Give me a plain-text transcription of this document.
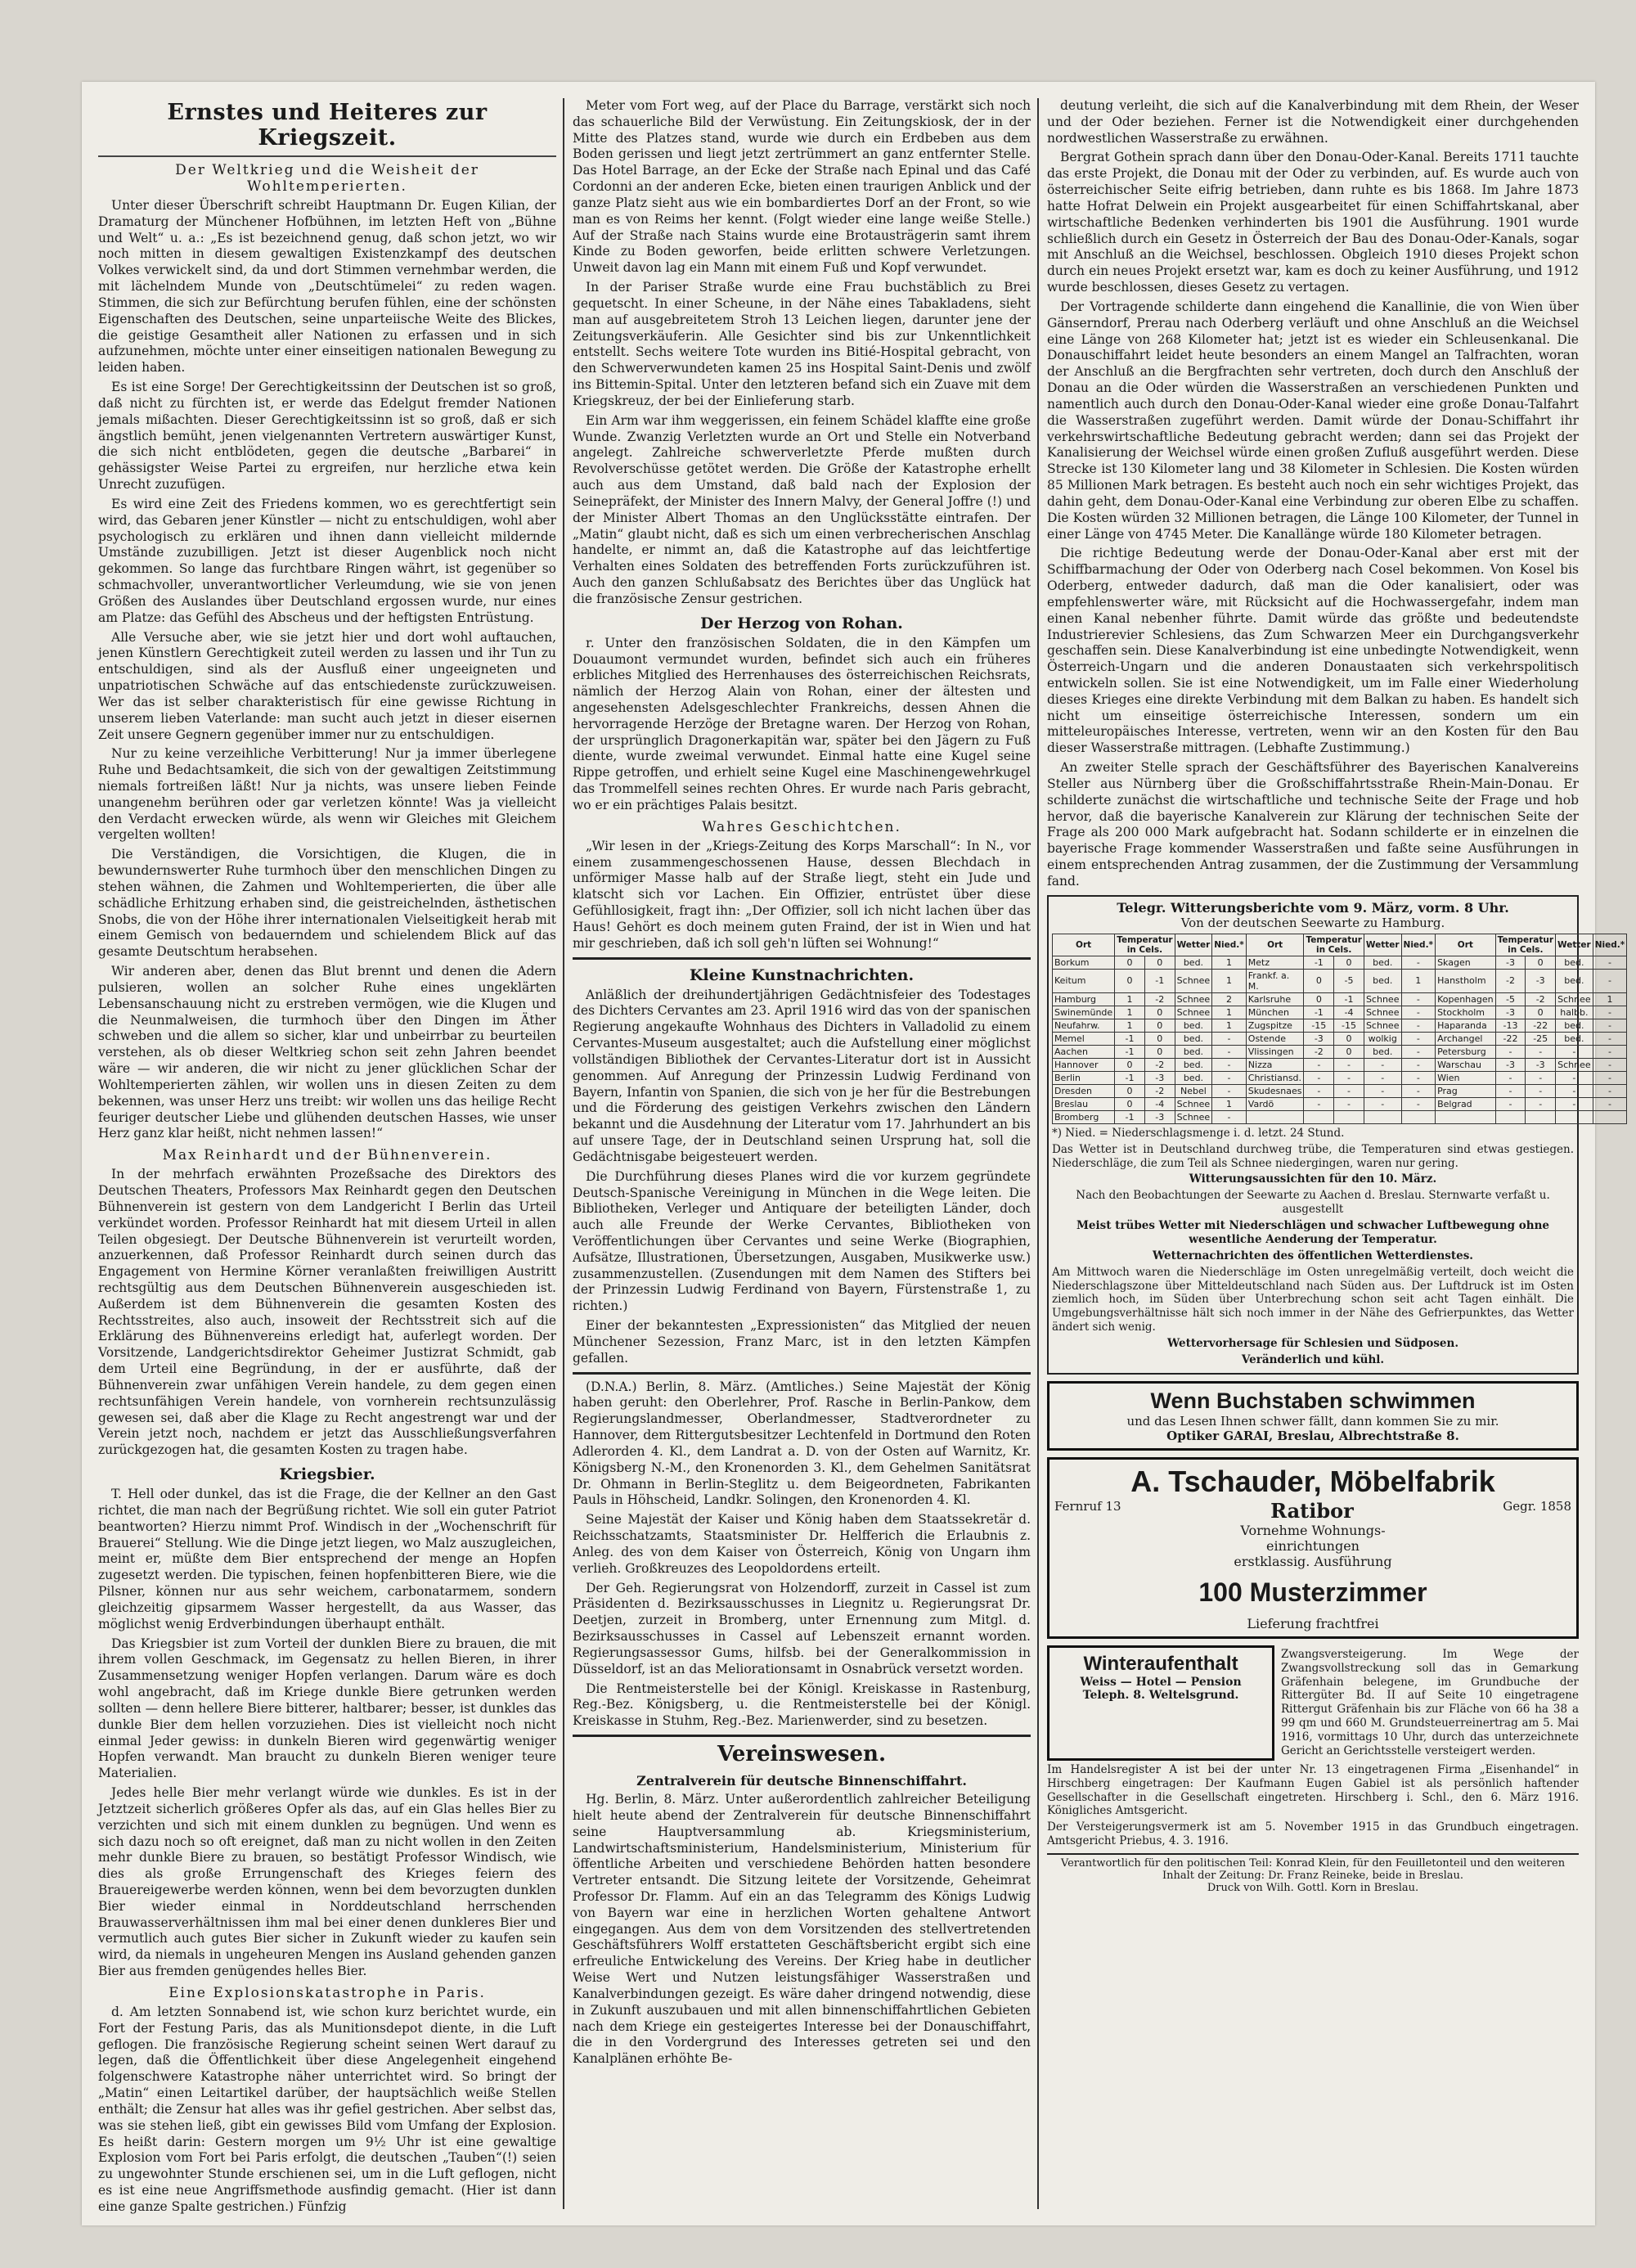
Ernstes und Heiteres zur Kriegszeit.
Der Weltkrieg und die Weisheit der Wohltemperierten.

Unter dieser Überschrift schreibt Hauptmann Dr. Eugen Kilian, der Dramaturg der Münchener Hofbühnen, im letzten Heft von „Bühne und Welt“ u. a.: „Es ist bezeichnend genug, daß schon jetzt, wo wir noch mitten in diesem gewaltigen Existenzkampf des deutschen Volkes verwickelt sind, da und dort Stimmen vernehmbar werden, die mit lächelndem Munde von „Deutschtümelei“ zu reden wagen. Stimmen, die sich zur Befürchtung berufen fühlen, eine der schönsten Eigenschaften des Deutschen, seine unparteiische Weite des Blickes, die geistige Gesamtheit aller Nationen zu erfassen und in sich aufzunehmen, möchte unter einer einseitigen nationalen Bewegung zu leiden haben.

Es ist eine Sorge! Der Gerechtigkeitssinn der Deutschen ist so groß, daß nicht zu fürchten ist, er werde das Edelgut fremder Nationen jemals mißachten. Dieser Gerechtigkeitssinn ist so groß, daß er sich ängstlich bemüht, jenen vielgenannten Vertretern auswärtiger Kunst, die sich nicht entblödeten, gegen die deutsche „Barbarei“ in gehässigster Weise Partei zu ergreifen, nur herzliche etwa kein Unrecht zuzufügen.

Es wird eine Zeit des Friedens kommen, wo es gerechtfertigt sein wird, das Gebaren jener Künstler — nicht zu entschuldigen, wohl aber psychologisch zu erklären und ihnen dann vielleicht mildernde Umstände zuzubilligen. Jetzt ist dieser Augenblick noch nicht gekommen. So lange das furchtbare Ringen währt, ist gegenüber so schmachvoller, unverantwortlicher Verleumdung, wie sie von jenen Größen des Auslandes über Deutschland ergossen wurde, nur eines am Platze: das Gefühl des Abscheus und der heftigsten Entrüstung.

Alle Versuche aber, wie sie jetzt hier und dort wohl auftauchen, jenen Künstlern Gerechtigkeit zuteil werden zu lassen und ihr Tun zu entschuldigen, sind als der Ausfluß einer ungeeigneten und unpatriotischen Schwäche auf das entschiedenste zurückzuweisen. Wer das ist selber charakteristisch für eine gewisse Richtung in unserem lieben Vaterlande: man sucht auch jetzt in dieser eisernen Zeit unsere Gegnern gegenüber immer nur zu entschuldigen.

Nur zu keine verzeihliche Verbitterung! Nur ja immer überlegene Ruhe und Bedachtsamkeit, die sich von der gewaltigen Zeitstimmung niemals fortreißen läßt! Nur ja nichts, was unsere lieben Feinde unangenehm berühren oder gar verletzen könnte! Was ja vielleicht den Verdacht erwecken würde, als wenn wir Gleiches mit Gleichem vergelten wollten!

Die Verständigen, die Vorsichtigen, die Klugen, die in bewundernswerter Ruhe turmhoch über den menschlichen Dingen zu stehen wähnen, die Zahmen und Wohltemperierten, die über alle schädliche Erhitzung erhaben sind, die geistreichelnden, ästhetischen Snobs, die von der Höhe ihrer internationalen Vielseitigkeit herab mit einem Gemisch von bedauerndem und schielendem Blick auf das gesamte Deutschtum herabsehen.

Wir anderen aber, denen das Blut brennt und denen die Adern pulsieren, wollen an solcher Ruhe eines ungeklärten Lebensanschauung nicht zu erstreben vermögen, wie die Klugen und die Neunmalweisen, die turmhoch über den Dingen im Äther schweben und die allem so sicher, klar und unbeirrbar zu beurteilen verstehen, als ob dieser Weltkrieg schon seit zehn Jahren beendet wäre — wir anderen, die wir nicht zu jener glücklichen Schar der Wohltemperierten zählen, wir wollen uns in diesen Zeiten zu dem bekennen, was unser Herz uns treibt: wir wollen uns das heilige Recht feuriger deutscher Liebe und glühenden deutschen Hasses, wie unser Herz ganz klar heißt, nicht nehmen lassen!“

Max Reinhardt und der Bühnenverein.

In der mehrfach erwähnten Prozeßsache des Direktors des Deutschen Theaters, Professors Max Reinhardt gegen den Deutschen Bühnenverein ist gestern von dem Landgericht I Berlin das Urteil verkündet worden. Professor Reinhardt hat mit diesem Urteil in allen Teilen obgesiegt. Der Deutsche Bühnenverein ist verurteilt worden, anzuerkennen, daß Professor Reinhardt durch seinen durch das Engagement von Hermine Körner veranlaßten freiwilligen Austritt rechtsgültig aus dem Deutschen Bühnenverein ausgeschieden ist. Außerdem ist dem Bühnenverein die gesamten Kosten des Rechtsstreites, also auch, insoweit der Rechtsstreit sich auf die Erklärung des Bühnenvereins erledigt hat, auferlegt worden. Der Vorsitzende, Landgerichtsdirektor Geheimer Justizrat Schmidt, gab dem Urteil eine Begründung, in der er ausführte, daß der Bühnenverein zwar unfähigen Verein handele, zu dem gegen einen rechtsunfähigen Verein handele, von vornherein rechtsunzulässig gewesen sei, daß aber die Klage zu Recht angestrengt war und der Verein jetzt noch, nachdem er jetzt das Ausschließungsverfahren zurückgezogen hat, die gesamten Kosten zu tragen habe.

Kriegsbier.

T. Hell oder dunkel, das ist die Frage, die der Kellner an den Gast richtet, die man nach der Begrüßung richtet. Wie soll ein guter Patriot beantworten? Hierzu nimmt Prof. Windisch in der „Wochenschrift für Brauerei“ Stellung. Wie die Dinge jetzt liegen, wo Malz auszugleichen, meint er, müßte dem Bier entsprechend der menge an Hopfen zugesetzt werden. Die typischen, feinen hopfenbitteren Biere, wie die Pilsner, können nur aus sehr weichem, carbonatarmem, sondern gleichzeitig gipsarmem Wasser hergestellt, da aus Wasser, das möglichst wenig Erdverbindungen überhaupt enthält.

Das Kriegsbier ist zum Vorteil der dunklen Biere zu brauen, die mit ihrem vollen Geschmack, im Gegensatz zu hellen Bieren, in ihrer Zusammensetzung weniger Hopfen verlangen. Darum wäre es doch wohl angebracht, daß im Kriege dunkle Biere getrunken werden sollten — denn hellere Biere bitterer, haltbarer; besser, ist dunkles das dunkle Bier dem hellen vorzuziehen. Dies ist vielleicht noch nicht einmal Jeder gewiss: in dunkeln Bieren wird gegenwärtig weniger Hopfen verwandt. Man braucht zu dunkeln Bieren weniger teure Materialien.

Jedes helle Bier mehr verlangt würde wie dunkles. Es ist in der Jetztzeit sicherlich größeres Opfer als das, auf ein Glas helles Bier zu verzichten und sich mit einem dunklen zu begnügen. Und wenn es sich dazu noch so oft ereignet, daß man zu nicht wollen in den Zeiten mehr dunkle Biere zu brauen, so bestätigt Professor Windisch, wie dies als große Errungenschaft des Krieges feiern des Brauereigewerbe werden können, wenn bei dem bevorzugten dunklen Bier wieder einmal in Norddeutschland herrschenden Brauwasserverhältnissen ihm mal bei einer denen dunkleres Bier und vermutlich auch gutes Bier sicher in Zukunft wieder zu kaufen sein wird, da niemals in ungeheuren Mengen ins Ausland gehenden ganzen Bier aus fremden genügendes helles Bier.

Eine Explosionskatastrophe in Paris.

d. Am letzten Sonnabend ist, wie schon kurz berichtet wurde, ein Fort der Festung Paris, das als Munitionsdepot diente, in die Luft geflogen. Die französische Regierung scheint seinen Wert darauf zu legen, daß die Öffentlichkeit über diese Angelegenheit eingehend folgenschwere Katastrophe näher unterrichtet wird. So bringt der „Matin“ einen Leitartikel darüber, der hauptsächlich weiße Stellen enthält; die Zensur hat alles was ihr gefiel gestrichen. Aber selbst das, was sie stehen ließ, gibt ein gewisses Bild vom Umfang der Explosion. Es heißt darin: Gestern morgen um 9½ Uhr ist eine gewaltige Explosion vom Fort bei Paris erfolgt, die deutschen „Tauben“(!) seien zu ungewohnter Stunde erschienen sei, um in die Luft geflogen, nicht es ist eine neue Angriffsmethode ausfindig gemacht. (Hier ist dann eine ganze Spalte gestrichen.) Fünfzig

Meter vom Fort weg, auf der Place du Barrage, verstärkt sich noch das schauerliche Bild der Verwüstung. Ein Zeitungskiosk, der in der Mitte des Platzes stand, wurde wie durch ein Erdbeben aus dem Boden gerissen und liegt jetzt zertrümmert an ganz entfernter Stelle. Das Hotel Barrage, an der Ecke der Straße nach Epinal und das Café Cordonni an der anderen Ecke, bieten einen traurigen Anblick und der ganze Platz sieht aus wie ein bombardiertes Dorf an der Front, so wie man es von Reims her kennt. (Folgt wieder eine lange weiße Stelle.) Auf der Straße nach Stains wurde eine Brotausträgerin samt ihrem Kinde zu Boden geworfen, beide erlitten schwere Verletzungen. Unweit davon lag ein Mann mit einem Fuß und Kopf verwundet.

In der Pariser Straße wurde eine Frau buchstäblich zu Brei gequetscht. In einer Scheune, in der Nähe eines Tabakladens, sieht man auf ausgebreitetem Stroh 13 Leichen liegen, darunter jene der Zeitungsverkäuferin. Alle Gesichter sind bis zur Unkenntlichkeit entstellt. Sechs weitere Tote wurden ins Bitié-Hospital gebracht, von den Schwerverwundeten kamen 25 ins Hospital Saint-Denis und zwölf ins Bittemin-Spital. Unter den letzteren befand sich ein Zuave mit dem Kriegskreuz, der bei der Einlieferung starb.

Ein Arm war ihm weggerissen, ein feinem Schädel klaffte eine große Wunde. Zwanzig Verletzten wurde an Ort und Stelle ein Notverband angelegt. Zahlreiche schwerverletzte Pferde mußten durch Revolverschüsse getötet werden. Die Größe der Katastrophe erhellt auch aus dem Umstand, daß bald nach der Explosion der Seinepräfekt, der Minister des Innern Malvy, der General Joffre (!) und der Minister Albert Thomas an den Unglücksstätte eintrafen. Der „Matin“ glaubt nicht, daß es sich um einen verbrecherischen Anschlag handelte, er nimmt an, daß die Katastrophe auf das leichtfertige Verhalten eines Soldaten des betreffenden Forts zurückzuführen ist. Auch den ganzen Schlußabsatz des Berichtes über das Unglück hat die französische Zensur gestrichen.

Der Herzog von Rohan.

r. Unter den französischen Soldaten, die in den Kämpfen um Douaumont vermundet wurden, befindet sich auch ein früheres erbliches Mitglied des Herrenhauses des österreichischen Reichsrats, nämlich der Herzog Alain von Rohan, einer der ältesten und angesehensten Adelsgeschlechter Frankreichs, dessen Ahnen die hervorragende Herzöge der Bretagne waren. Der Herzog von Rohan, der ursprünglich Dragonerkapitän war, später bei den Jägern zu Fuß diente, wurde zweimal verwundet. Einmal hatte eine Kugel seine Rippe getroffen, und erhielt seine Kugel eine Maschinengewehrkugel das Trommelfell seines rechten Ohres. Er wurde nach Paris gebracht, wo er ein prächtiges Palais besitzt.

Wahres Geschichtchen.

„Wir lesen in der „Kriegs-Zeitung des Korps Marschall“: In N., vor einem zusammengeschossenen Hause, dessen Blechdach in unförmiger Masse halb auf der Straße liegt, steht ein Jude und klatscht sich vor Lachen. Ein Offizier, entrüstet über diese Gefühllosigkeit, fragt ihn: „Der Offizier, soll ich nicht lachen über das Haus! Gehört es doch meinem guten Fraind, der ist in Wien und hat mir geschrieben, daß ich soll geh'n lüften sei Wohnung!“

Kleine Kunstnachrichten.

Anläßlich der dreihundertjährigen Gedächtnisfeier des Todestages des Dichters Cervantes am 23. April 1916 wird das von der spanischen Regierung angekaufte Wohnhaus des Dichters in Valladolid zu einem Cervantes-Museum ausgestaltet; auch die Aufstellung einer möglichst vollständigen Bibliothek der Cervantes-Literatur dort ist in Aussicht genommen. Auf Anregung der Prinzessin Ludwig Ferdinand von Bayern, Infantin von Spanien, die sich von je her für die Bestrebungen und die Förderung des geistigen Verkehrs zwischen den Ländern bekannt und die Ausdehnung der Literatur vom 17. Jahrhundert an bis auf unsere Tage, der in Deutschland seinen Ursprung hat, soll die Gedächtnisgabe beigesteuert werden.

Die Durchführung dieses Planes wird die vor kurzem gegründete Deutsch-Spanische Vereinigung in München in die Wege leiten. Die Bibliotheken, Verleger und Antiquare der beteiligten Länder, doch auch alle Freunde der Werke Cervantes, Bibliotheken von Veröffentlichungen über Cervantes und seine Werke (Biographien, Aufsätze, Illustrationen, Übersetzungen, Ausgaben, Musikwerke usw.) zusammenzustellen. (Zusendungen mit dem Namen des Stifters bei der Prinzessin Ludwig Ferdinand von Bayern, Fürstenstraße 1, zu richten.)

Einer der bekanntesten „Expressionisten“ das Mitglied der neuen Münchener Sezession, Franz Marc, ist in den letzten Kämpfen gefallen.

(D.N.A.) Berlin, 8. März. (Amtliches.) Seine Majestät der König haben geruht: den Oberlehrer, Prof. Rasche in Berlin-Pankow, dem Regierungslandmesser, Oberlandmesser, Stadtverordneter zu Hannover, dem Rittergutsbesitzer Lechtenfeld in Dortmund den Roten Adlerorden 4. Kl., dem Landrat a. D. von der Osten auf Warnitz, Kr. Königsberg N.-M., den Kronenorden 3. Kl., dem Gehelmen Sanitätsrat Dr. Ohmann in Berlin-Steglitz u. dem Beigeordneten, Fabrikanten Pauls in Höhscheid, Landkr. Solingen, den Kronenorden 4. Kl.

Seine Majestät der Kaiser und König haben dem Staatssekretär d. Reichsschatzamts, Staatsminister Dr. Helfferich die Erlaubnis z. Anleg. des von dem Kaiser von Österreich, König von Ungarn ihm verlieh. Großkreuzes des Leopoldordens erteilt.

Der Geh. Regierungsrat von Holzendorff, zurzeit in Cassel ist zum Präsidenten d. Bezirksausschusses in Liegnitz u. Regierungsrat Dr. Deetjen, zurzeit in Bromberg, unter Ernennung zum Mitgl. d. Bezirksausschusses in Cassel auf Lebenszeit ernannt worden. Regierungsassessor Gums, hilfsb. bei der Generalkommission in Düsseldorf, ist an das Meliorationsamt in Osnabrück versetzt worden.

Die Rentmeisterstelle bei der Königl. Kreiskasse in Rastenburg, Reg.-Bez. Königsberg, u. die Rentmeisterstelle bei der Königl. Kreiskasse in Stuhm, Reg.-Bez. Marienwerder, sind zu besetzen.

Vereinswesen.
Zentralverein für deutsche Binnenschiffahrt.

Hg. Berlin, 8. März. Unter außerordentlich zahlreicher Beteiligung hielt heute abend der Zentralverein für deutsche Binnenschiffahrt seine Hauptversammlung ab. Kriegsministerium, Landwirtschaftsministerium, Handelsministerium, Ministerium für öffentliche Arbeiten und verschiedene Behörden hatten besondere Vertreter entsandt. Die Sitzung leitete der Vorsitzende, Geheimrat Professor Dr. Flamm. Auf ein an das Telegramm des Königs Ludwig von Bayern war eine in herzlichen Worten gehaltene Antwort eingegangen. Aus dem von dem Vorsitzenden des stellvertretenden Geschäftsführers Wolff erstatteten Geschäftsbericht ergibt sich eine erfreuliche Entwickelung des Vereins. Der Krieg habe in deutlicher Weise Wert und Nutzen leistungsfähiger Wasserstraßen und Kanalverbindungen gezeigt. Es wäre daher dringend notwendig, diese in Zukunft auszubauen und mit allen binnenschiffahrtlichen Gebieten nach dem Kriege ein gesteigertes Interesse bei der Donauschiffahrt, die in den Vordergrund des Interesses getreten sei und den Kanalplänen erhöhte Be-

deutung verleiht, die sich auf die Kanalverbindung mit dem Rhein, der Weser und der Oder beziehen. Ferner ist die Notwendigkeit einer durchgehenden nordwestlichen Wasserstraße zu erwähnen.

Bergrat Gothein sprach dann über den Donau-Oder-Kanal. Bereits 1711 tauchte das erste Projekt, die Donau mit der Oder zu verbinden, auf. Es wurde auch von österreichischer Seite eifrig betrieben, dann ruhte es bis 1868. Im Jahre 1873 hatte Hofrat Delwein ein Projekt ausgearbeitet für einen Schiffahrtskanal, aber wirtschaftliche Bedenken verhinderten bis 1901 die Ausführung. 1901 wurde schließlich durch ein Gesetz in Österreich der Bau des Donau-Oder-Kanals, sogar mit Anschluß an die Weichsel, beschlossen. Obgleich 1910 dieses Projekt schon durch ein neues Projekt ersetzt war, kam es doch zu keiner Ausführung, und 1912 wurde beschlossen, dieses Gesetz zu vertagen.

Der Vortragende schilderte dann eingehend die Kanallinie, die von Wien über Gänserndorf, Prerau nach Oderberg verläuft und ohne Anschluß an die Weichsel eine Länge von 268 Kilometer hat; jetzt ist es wieder ein Schleusenkanal. Die Donauschiffahrt leidet heute besonders an einem Mangel an Talfrachten, woran der Anschluß an die Bergfrachten sehr vertreten, doch durch den Anschluß der Donau an die Oder würden die Wasserstraßen an verschiedenen Punkten und namentlich auch durch den Donau-Oder-Kanal wieder eine große Donau-Talfahrt die Wasserstraßen zugeführt werden. Damit würde der Donau-Schiffahrt ihr verkehrswirtschaftliche Bedeutung gebracht werden; dann sei das Projekt der Kanalisierung der Weichsel würde einen großen Zufluß ausgeführt werden. Diese Strecke ist 130 Kilometer lang und 38 Kilometer in Schlesien. Die Kosten würden 85 Millionen Mark betragen. Es besteht auch noch ein sehr wichtiges Projekt, das dahin geht, dem Donau-Oder-Kanal eine Verbindung zur oberen Elbe zu schaffen. Die Kosten würden 32 Millionen betragen, die Länge 100 Kilometer, der Tunnel in einer Länge von 4745 Meter. Die Kanallänge würde 180 Kilometer betragen.

Die richtige Bedeutung werde der Donau-Oder-Kanal aber erst mit der Schiffbarmachung der Oder von Oderberg nach Cosel bekommen. Von Kosel bis Oderberg, entweder dadurch, daß man die Oder kanalisiert, oder was empfehlenswerter wäre, mit Rücksicht auf die Hochwassergefahr, indem man einen Kanal nebenher führte. Damit würde das größte und bedeutendste Industrierevier Schlesiens, das Zum Schwarzen Meer ein Durchgangsverkehr geschaffen sein. Diese Kanalverbindung ist eine unbedingte Notwendigkeit, wenn Österreich-Ungarn und die anderen Donaustaaten sich verkehrspolitisch entwickeln sollen. Sie ist eine Notwendigkeit, um im Falle einer Wiederholung dieses Krieges eine direkte Verbindung mit dem Balkan zu haben. Es handelt sich nicht um einseitige österreichische Interessen, sondern um ein mitteleuropäisches Interesse, vertreten, wenn wir an den Kosten für den Bau dieser Wasserstraße mittragen. (Lebhafte Zustimmung.)

An zweiter Stelle sprach der Geschäftsführer des Bayerischen Kanalvereins Steller aus Nürnberg über die Großschiffahrtsstraße Rhein-Main-Donau. Er schilderte zunächst die wirtschaftliche und technische Seite der Frage und hob hervor, daß die bayerische Kanalverein zur Klärung der technischen Seite der Frage als 200 000 Mark aufgebracht hat. Sodann schilderte er in einzelnen die bayerische Frage kommender Wasserstraßen und faßte seine Ausführungen in einem entsprechenden Antrag zusammen, der die Zustimmung der Versammlung fand.

Telegr. Witterungsberichte vom 9. März, vorm. 8 Uhr.
Von der deutschen Seewarte zu Hamburg.
Ort	Temperatur in Cels.		Wetter	Nied.*	Ort	Temperatur in Cels.		Wetter	Nied.*	Ort	Temperatur in Cels.		Wetter	Nied.*
Borkum	0	0	bed.	1	Metz	-1	0	bed.	-	Skagen	-3	0	bed.	-
Keitum	0	-1	Schnee	1	Frankf. a. M.	0	-5	bed.	1	Hanstholm	-2	-3	bed.	-
Hamburg	1	-2	Schnee	2	Karlsruhe	0	-1	Schnee	-	Kopenhagen	-5	-2	Schnee	1
Swinemünde	1	0	Schnee	1	München	-1	-4	Schnee	-	Stockholm	-3	0	halbb.	-
Neufahrw.	1	0	bed.	1	Zugspitze	-15	-15	Schnee	-	Haparanda	-13	-22	bed.	-
Memel	-1	0	bed.	-	Ostende	-3	0	wolkig	-	Archangel	-22	-25	bed.	-
Aachen	-1	0	bed.	-	Vlissingen	-2	0	bed.	-	Petersburg	-	-	-	-
Hannover	0	-2	bed.	-	Nizza	-	-	-	-	Warschau	-3	-3	Schnee	-
Berlin	-1	-3	bed.	-	Christiansd.	-	-	-	-	Wien	-	-	-	-
Dresden	0	-2	Nebel	-	Skudesnaes	-	-	-	-	Prag	-	-	-	-
Breslau	0	-4	Schnee	1	Vardö	-	-	-	-	Belgrad	-	-	-	-
Bromberg	-1	-3	Schnee	-										
*) Nied. = Niederschlagsmenge i. d. letzt. 24 Stund.
Das Wetter ist in Deutschland durchweg trübe, die Temperaturen sind etwas gestiegen. Niederschläge, die zum Teil als Schnee niedergingen, waren nur gering.
Witterungsaussichten für den 10. März.
Nach den Beobachtungen der Seewarte zu Aachen d. Breslau. Sternwarte verfaßt u. ausgestellt
Meist trübes Wetter mit Niederschlägen und schwacher Luftbewegung ohne wesentliche Aenderung der Temperatur.
Wetternachrichten des öffentlichen Wetterdienstes.
Am Mittwoch waren die Niederschläge im Osten unregelmäßig verteilt, doch weicht die Niederschlagszone über Mitteldeutschland nach Süden aus. Der Luftdruck ist im Osten ziemlich hoch, im Süden über Unterbrechung schon seit acht Tagen einhält. Die Umgebungsverhältnisse hält sich noch immer in der Nähe des Gefrierpunktes, das Wetter ändert sich wenig.
Wettervorhersage für Schlesien und Südposen.
Veränderlich und kühl.
Wenn Buchstaben schwimmen
und das Lesen Ihnen schwer fällt, dann kommen Sie zu mir.
Optiker GARAI, Breslau, Albrechtstraße 8.
A. Tschauder, Möbelfabrik
Fernruf 13	Ratibor	Gegr. 1858
Vornehme Wohnungs-
einrichtungen
erstklassig. Ausführung
100 Musterzimmer
Lieferung frachtfrei
Winteraufenthalt
Weiss — Hotel — Pension
Teleph. 8. Weltelsgrund.
Zwangsversteigerung. Im Wege der Zwangsvollstreckung soll das in Gemarkung Gräfenhain belegene, im Grundbuche der Rittergüter Bd. II auf Seite 10 eingetragene Rittergut Gräfenhain bis zur Fläche von 66 ha 38 a 99 qm und 660 M. Grundsteuerreinertrag am 5. Mai 1916, vormittags 10 Uhr, durch das unterzeichnete Gericht an Gerichtsstelle versteigert werden.
Im Handelsregister A ist bei der unter Nr. 13 eingetragenen Firma „Eisenhandel“ in Hirschberg eingetragen: Der Kaufmann Eugen Gabiel ist als persönlich haftender Gesellschafter in die Gesellschaft eingetreten. Hirschberg i. Schl., den 6. März 1916. Königliches Amtsgericht.
Der Versteigerungsvermerk ist am 5. November 1915 in das Grundbuch eingetragen. Amtsgericht Priebus, 4. 3. 1916.
Verantwortlich für den politischen Teil: Konrad Klein, für den Feuilletonteil und den weiteren Inhalt der Zeitung: Dr. Franz Reineke, beide in Breslau.
Druck von Wilh. Gottl. Korn in Breslau.
